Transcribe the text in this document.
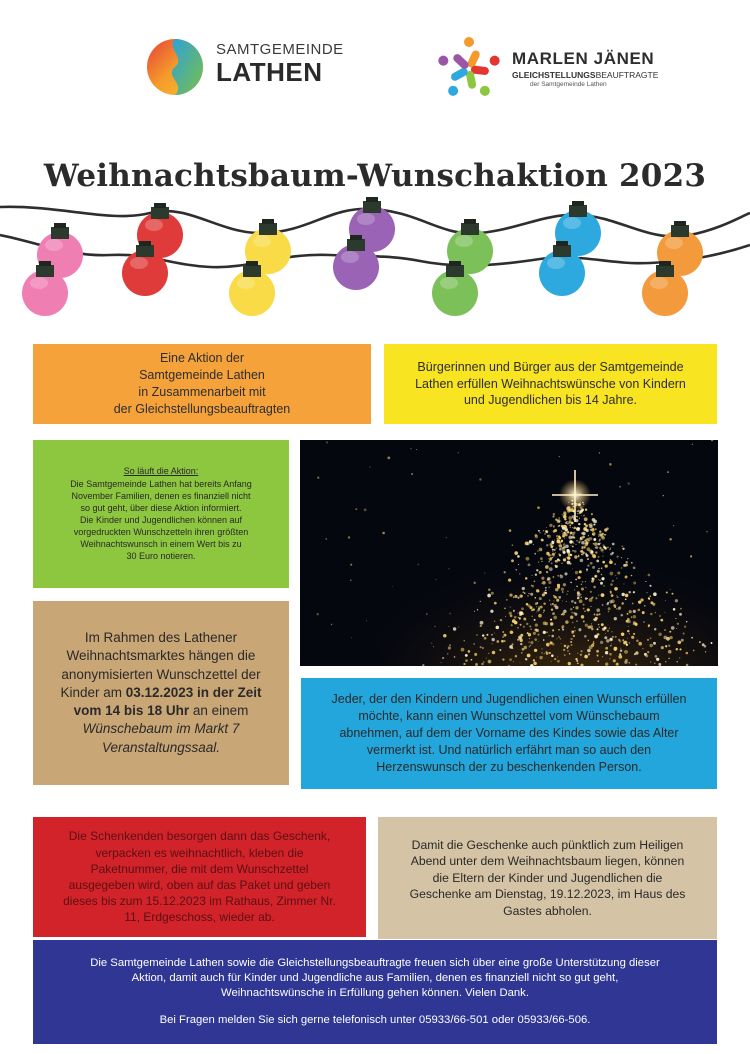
SAMTGEMEINDE
LATHEN	MARLEN JÄNEN
GLEICHSTELLUNGSBEAUFTRAGTE
der Samtgemeinde Lathen
Weihnachtsbaum-Wunschaktion 2023

Eine Aktion der
Samtgemeinde Lathen
in Zusammenarbeit mit
der Gleichstellungsbeauftragten

Bürgerinnen und Bürger aus der Samtgemeinde
Lathen erfüllen Weihnachtswünsche von Kindern
und Jugendlichen bis 14 Jahre.

So läuft die Aktion:
Die Samtgemeinde Lathen hat bereits Anfang
November Familien, denen es finanziell nicht
so gut geht, über diese Aktion informiert.
Die Kinder und Jugendlichen können auf
vorgedruckten Wunschzetteln ihren größten
Weihnachtswunsch in einem Wert bis zu
30 Euro notieren.

Im Rahmen des Lathener
Weihnachtsmarktes hängen die
anonymisierten Wunschzettel der
Kinder am 03.12.2023 in der Zeit
vom 14 bis 18 Uhr an einem
Wünschebaum im Markt 7
Veranstaltungssaal.

Jeder, der den Kindern und Jugendlichen einen Wunsch erfüllen
möchte, kann einen Wunschzettel vom Wünschebaum
abnehmen, auf dem der Vorname des Kindes sowie das Alter
vermerkt ist. Und natürlich erfährt man so auch den
Herzenswunsch der zu beschenkenden Person.

Die Schenkenden besorgen dann das Geschenk,
verpacken es weihnachtlich, kleben die
Paketnummer, die mit dem Wunschzettel
ausgegeben wird, oben auf das Paket und geben
dieses bis zum 15.12.2023 im Rathaus, Zimmer Nr.
11, Erdgeschoss, wieder ab.

Damit die Geschenke auch pünktlich zum Heiligen
Abend unter dem Weihnachtsbaum liegen, können
die Eltern der Kinder und Jugendlichen die
Geschenke am Dienstag, 19.12.2023, im Haus des
Gastes abholen.

Die Samtgemeinde Lathen sowie die Gleichstellungsbeauftragte freuen sich über eine große Unterstützung dieser
Aktion, damit auch für Kinder und Jugendliche aus Familien, denen es finanziell nicht so gut geht,
Weihnachtswünsche in Erfüllung gehen können. Vielen Dank.

Bei Fragen melden Sie sich gerne telefonisch unter 05933/66-501 oder 05933/66-506.
